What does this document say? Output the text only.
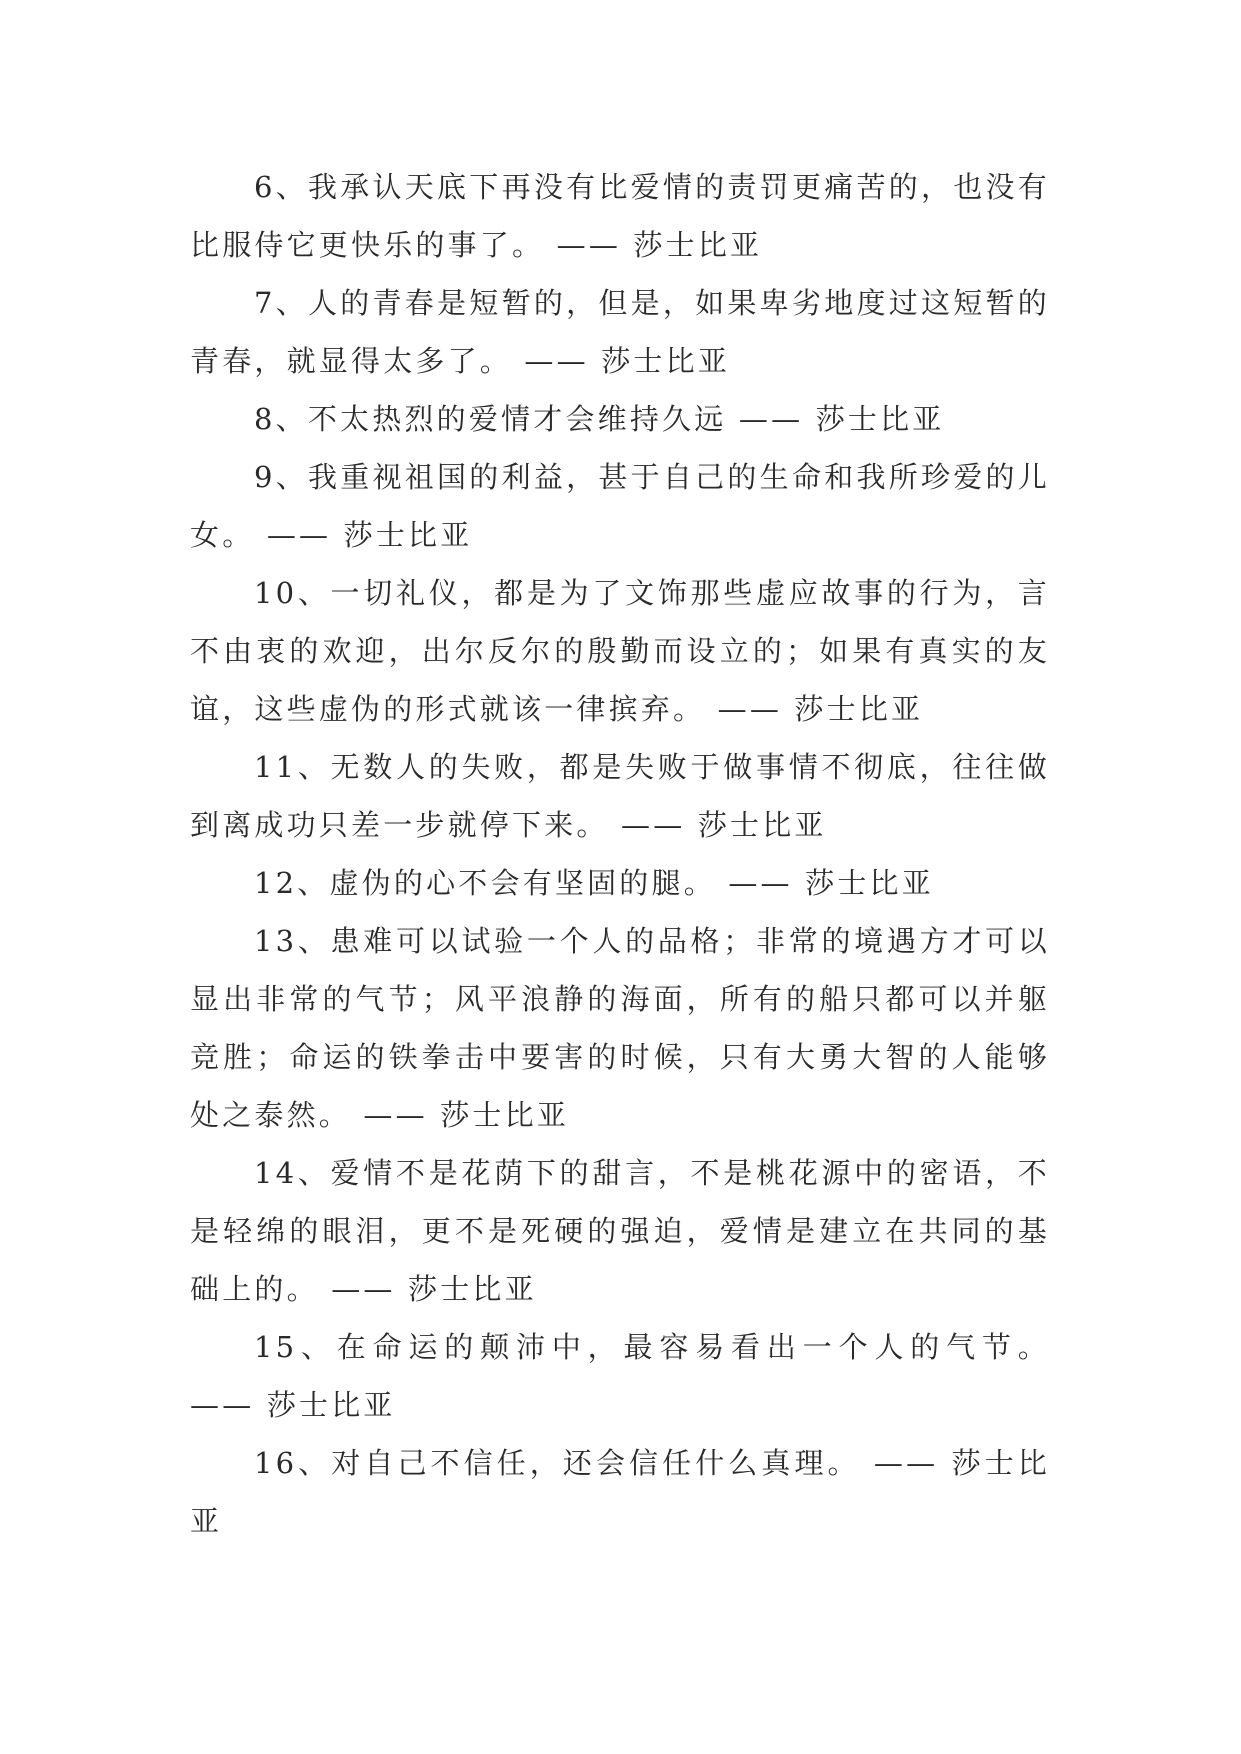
6、我承认天底下再没有比爱情的责罚更痛苦的，也没有比服侍它更快乐的事了。 —— 莎士比亚

7、人的青春是短暂的，但是，如果卑劣地度过这短暂的青春，就显得太多了。 —— 莎士比亚

8、不太热烈的爱情才会维持久远 —— 莎士比亚

9、我重视祖国的利益，甚于自己的生命和我所珍爱的儿女。 —— 莎士比亚

10、一切礼仪，都是为了文饰那些虚应故事的行为，言不由衷的欢迎，出尔反尔的殷勤而设立的；如果有真实的友谊，这些虚伪的形式就该一律摈弃。 —— 莎士比亚

11、无数人的失败，都是失败于做事情不彻底，往往做到离成功只差一步就停下来。 —— 莎士比亚

12、虚伪的心不会有坚固的腿。 —— 莎士比亚

13、患难可以试验一个人的品格；非常的境遇方才可以显出非常的气节；风平浪静的海面，所有的船只都可以并躯竞胜；命运的铁拳击中要害的时候，只有大勇大智的人能够处之泰然。 —— 莎士比亚

14、爱情不是花荫下的甜言，不是桃花源中的密语，不是轻绵的眼泪，更不是死硬的强迫，爱情是建立在共同的基础上的。 —— 莎士比亚

15、在命运的颠沛中，最容易看出一个人的气节。 —— 莎士比亚

16、对自己不信任，还会信任什么真理。 —— 莎士比亚
